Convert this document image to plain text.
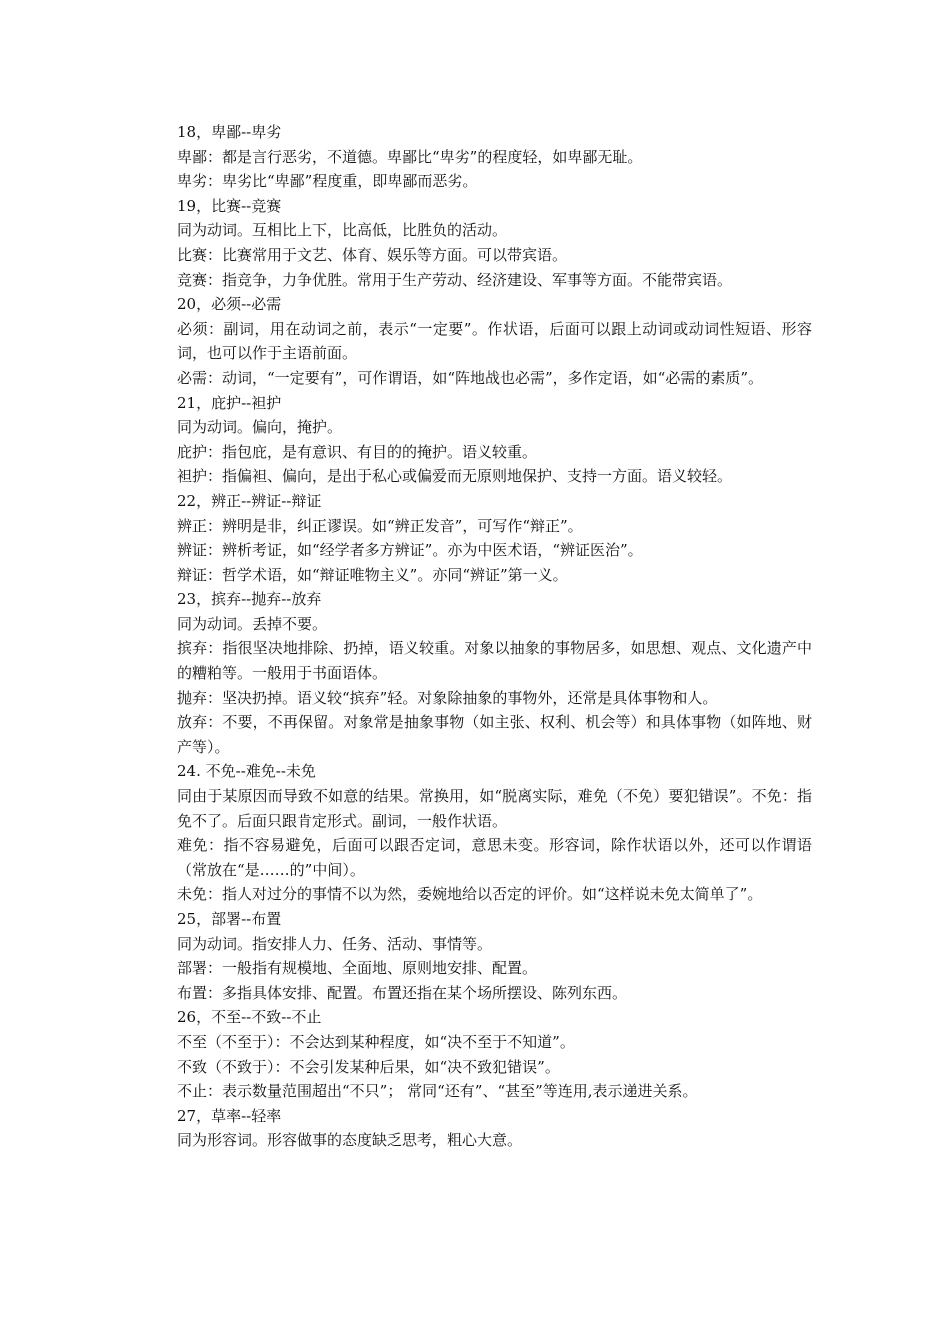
18，卑鄙--卑劣

卑鄙：都是言行恶劣，不道德。卑鄙比“卑劣”的程度轻，如卑鄙无耻。

卑劣：卑劣比“卑鄙”程度重，即卑鄙而恶劣。

19，比赛--竞赛

同为动词。互相比上下，比高低，比胜负的活动。

比赛：比赛常用于文艺、体育、娱乐等方面。可以带宾语。

竞赛：指竞争，力争优胜。常用于生产劳动、经济建设、军事等方面。不能带宾语。

20，必须--必需

必须：副词，用在动词之前，表示“一定要”。作状语，后面可以跟上动词或动词性短语、形容词，也可以作于主语前面。

必需：动词，“一定要有”，可作谓语，如“阵地战也必需”，多作定语，如“必需的素质”。

21，庇护--袒护

同为动词。偏向，掩护。

庇护：指包庇，是有意识、有目的的掩护。语义较重。

袒护：指偏袒、偏向，是出于私心或偏爱而无原则地保护、支持一方面。语义较轻。

22，辨正--辨证--辩证

辨正：辨明是非，纠正谬误。如“辨正发音”，可写作“辩正”。

辨证：辨析考证，如“经学者多方辨证”。亦为中医术语，“辨证医治”。

辩证：哲学术语，如“辩证唯物主义”。亦同“辨证”第一义。

23，摈弃--抛弃--放弃

同为动词。丢掉不要。

摈弃：指很坚决地排除、扔掉，语义较重。对象以抽象的事物居多，如思想、观点、文化遗产中的糟粕等。一般用于书面语体。

抛弃：坚决扔掉。语义较“摈弃”轻。对象除抽象的事物外，还常是具体事物和人。

放弃：不要，不再保留。对象常是抽象事物（如主张、权利、机会等）和具体事物（如阵地、财产等）。

24. 不免--难免--未免

同由于某原因而导致不如意的结果。常换用，如“脱离实际，难免（不免）要犯错误”。不免：指免不了。后面只跟肯定形式。副词，一般作状语。

难免：指不容易避免，后面可以跟否定词，意思未变。形容词，除作状语以外，还可以作谓语（常放在“是……的”中间）。

未免：指人对过分的事情不以为然，委婉地给以否定的评价。如“这样说未免太简单了”。

25，部署--布置

同为动词。指安排人力、任务、活动、事情等。

部署：一般指有规模地、全面地、原则地安排、配置。

布置：多指具体安排、配置。布置还指在某个场所摆设、陈列东西。

26，不至--不致--不止

不至（不至于）：不会达到某种程度，如“决不至于不知道”。

不致（不致于）：不会引发某种后果，如“决不致犯错误”。

不止：表示数量范围超出“不只”； 常同“还有”、“甚至”等连用,表示递进关系。

27，草率--轻率

同为形容词。形容做事的态度缺乏思考，粗心大意。
